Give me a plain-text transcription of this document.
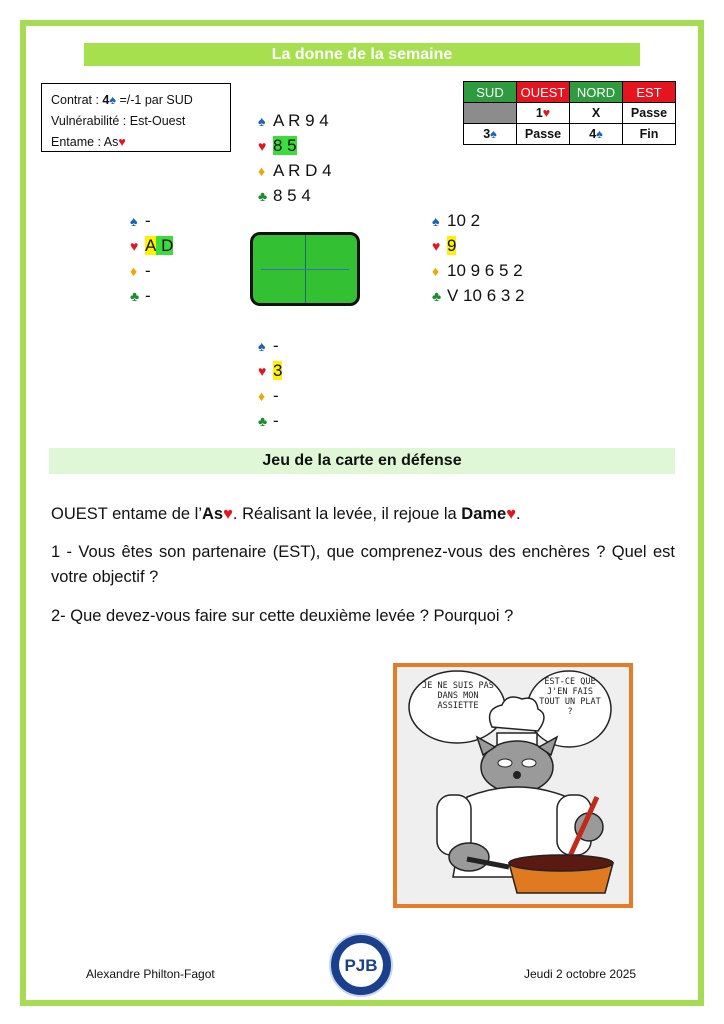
La donne de la semaine
Contrat : 4♠ =/-1 par SUD
Vulnérabilité : Est-Ouest
Entame : As♥
SUD	OUEST	NORD	EST
	1♥	X	Passe
3♠	Passe	4♠	Fin
♠ A R 9 4
♥ 8 5
♦ A R D 4
♣ 8 5 4
♠ -
♥ A D
♦ -
♣ -
♠ 10 2
♥ 9
♦ 10 9 6 5 2
♣ V 10 6 3 2
♠ -
♥ 3
♦ -
♣ -
Jeu de la carte en défense
OUEST entame de l’As♥. Réalisant la levée, il rejoue la Dame♥.
1 - Vous êtes son partenaire (EST), que comprenez-vous des enchères ? Quel est votre objectif ?
2- Que devez-vous faire sur cette deuxième levée ? Pourquoi ?
JE NE SUIS PAS DANS MON ASSIETTE
EST-CE QUE J'EN FAIS TOUT UN PLAT ?
Alexandre Philton-Fagot	PJB	Jeudi 2 octobre 2025
